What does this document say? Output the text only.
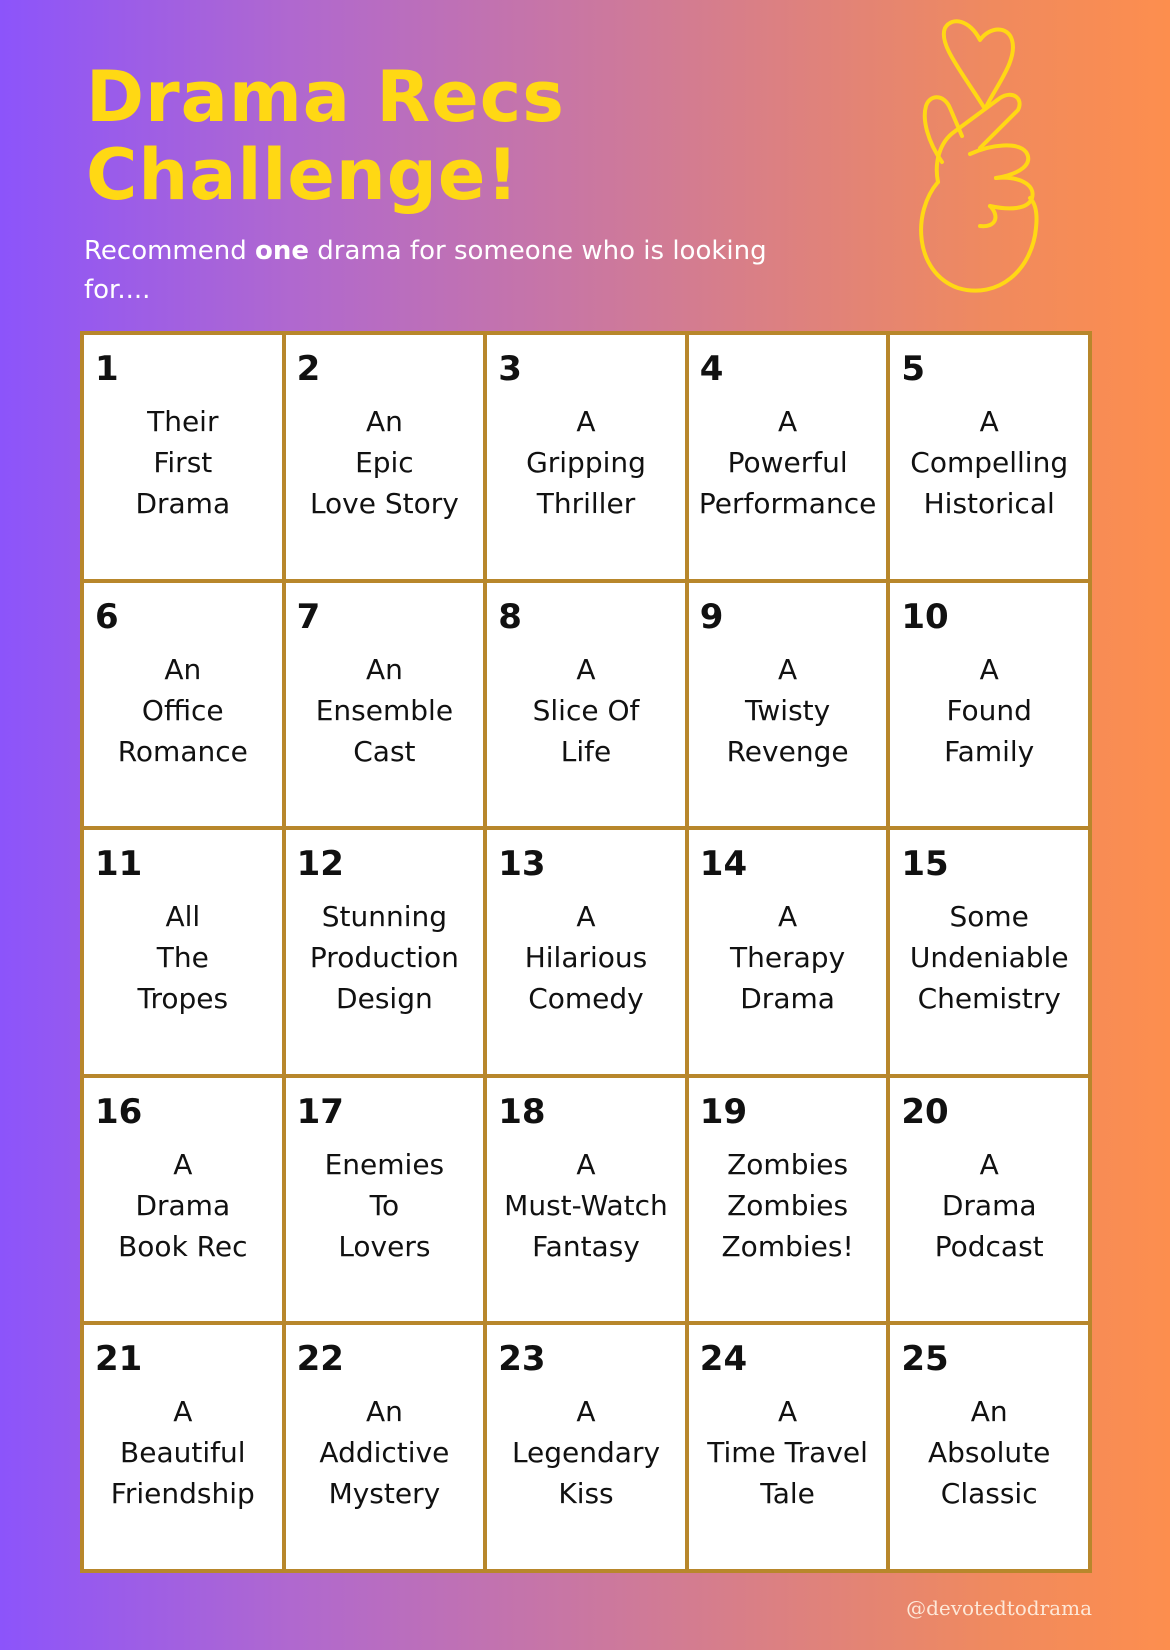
Drama Recs
Challenge!

Recommend one drama for someone who is looking for....

1
Their
First
Drama
2
An
Epic
Love Story
3
A
Gripping
Thriller
4
A
Powerful
Performance
5
A
Compelling
Historical
6
An
Office
Romance
7
An
Ensemble
Cast
8
A
Slice Of
Life
9
A
Twisty
Revenge
10
A
Found
Family
11
All
The
Tropes
12
Stunning
Production
Design
13
A
Hilarious
Comedy
14
A
Therapy
Drama
15
Some
Undeniable
Chemistry
16
A
Drama
Book Rec
17
Enemies
To
Lovers
18
A
Must-Watch
Fantasy
19
Zombies
Zombies
Zombies!
20
A
Drama
Podcast
21
A
Beautiful
Friendship
22
An
Addictive
Mystery
23
A
Legendary
Kiss
24
A
Time Travel
Tale
25
An
Absolute
Classic
@devotedtodrama
